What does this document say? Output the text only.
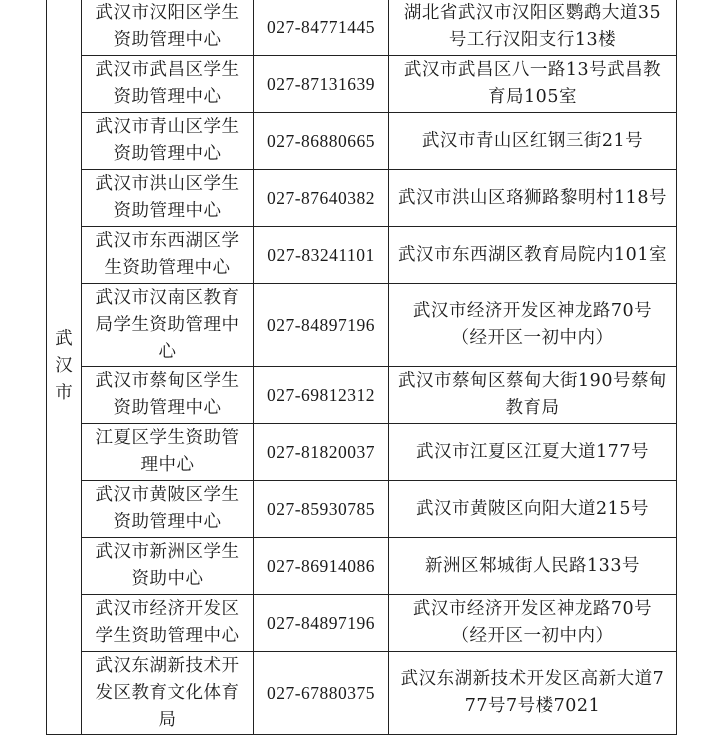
武汉市	武汉市汉阳区学生资助管理中心	027-84771445	湖北省武汉市汉阳区鹦鹉大道35号工行汉阳支行13楼
	武汉市武昌区学生资助管理中心	027-87131639	武汉市武昌区八一路13号武昌教育局105室
	武汉市青山区学生资助管理中心	027-86880665	武汉市青山区红钢三街21号
	武汉市洪山区学生资助管理中心	027-87640382	武汉市洪山区珞狮路黎明村118号
	武汉市东西湖区学生资助管理中心	027-83241101	武汉市东西湖区教育局院内101室
	武汉市汉南区教育局学生资助管理中心	027-84897196	武汉市经济开发区神龙路70号（经开区一初中内）
	武汉市蔡甸区学生资助管理中心	027-69812312	武汉市蔡甸区蔡甸大街190号蔡甸教育局
	江夏区学生资助管理中心	027-81820037	武汉市江夏区江夏大道177号
	武汉市黄陂区学生资助管理中心	027-85930785	武汉市黄陂区向阳大道215号
	武汉市新洲区学生资助中心	027-86914086	新洲区邾城街人民路133号
	武汉市经济开发区学生资助管理中心	027-84897196	武汉市经济开发区神龙路70号（经开区一初中内）
	武汉东湖新技术开发区教育文化体育局	027-67880375	武汉东湖新技术开发区高新大道777号7号楼7021
